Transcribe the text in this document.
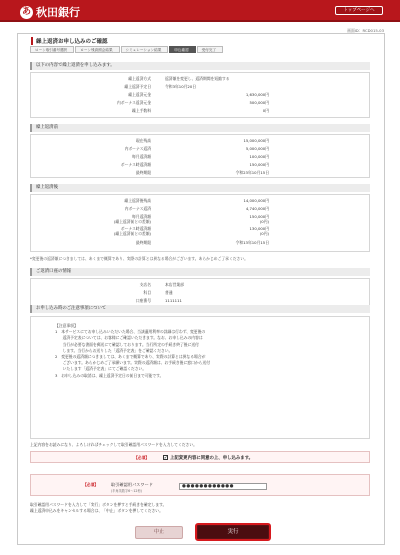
あ 秋田銀行	トップページへ
画面ID：RCD015-03
繰上返済お申し込みのご確認
ローン取引番号選択	ローン残高照会結果	シミュレーション結果	申込確認	受付完了
以下の内容で繰上返済を申し込みます。
繰上返済方式	返済額を変更し、返済期間を短縮する
繰上返済予定日	令和3年10月20日
繰上返済元金	1,630,000円
内ボーナス返済元金	500,000円
繰上手数料	0円
繰上返済前
現在残高	15,000,000円
内ボーナス返済	5,000,000円
毎月返済額	100,000円
ボーナス時返済額	150,000円
最終期限	令和23年10月15日
繰上返済後
繰上返済後残高	14,000,000円
内ボーナス返済	4,740,000円
毎月返済額	150,000円
(繰上返済前との差額)	(0円)
ボーナス時返済額	130,000円
(繰上返済前との差額)	(0円)
最終期限	令和13年10月15日
*変更後の返済額につきましては、あくまで概算であり、実際の計算とは異なる場合がございます。あらかじめご了承ください。
ご返済口座の情報
支店名	本店営業部
科目	普通
口座番号	1111111
お申し込み時のご注意事項について

【注意事項】

1　本サービスにてお申し込みいただいた場合、当該適用利率の詳細は行わず、変更後の

　　返済予定表については、お客様にご確認いただきます。なお、お申し込みの内容は

　　当行が必要な書面を郵送にて確認しております。当行所定の手続き終了後に送付

　　します。当行からお送りした「返済予定表」をご確認ください。

2　変更後の返済額につきましては、あくまで概算であり、実際の計算とは異なる場合が

　　ございます。あらかじめご了承願います。実際の返済額は、お手続き後に窓口から送付

　　いたします「返済予定表」にてご確認ください。

3　お申し込みの取消は、繰上返済予定日の前日まで可能です。

上記内容をお読みになり、よろしければチェックして取引確認用パスワードを入力してください。
【必須】	✔ 上記変更内容に同意の上、申し込みます。
【必須】	取引確認用パスワード
(半角英数字6～12桁)
●●●●●●●●●●●●
取引確認用パスワードを入力して「実行」ボタンを押すと手続きを確定します。
繰上返済申込みをキャンセルする場合は、「中止」ボタンを押してください。
中止	実行
